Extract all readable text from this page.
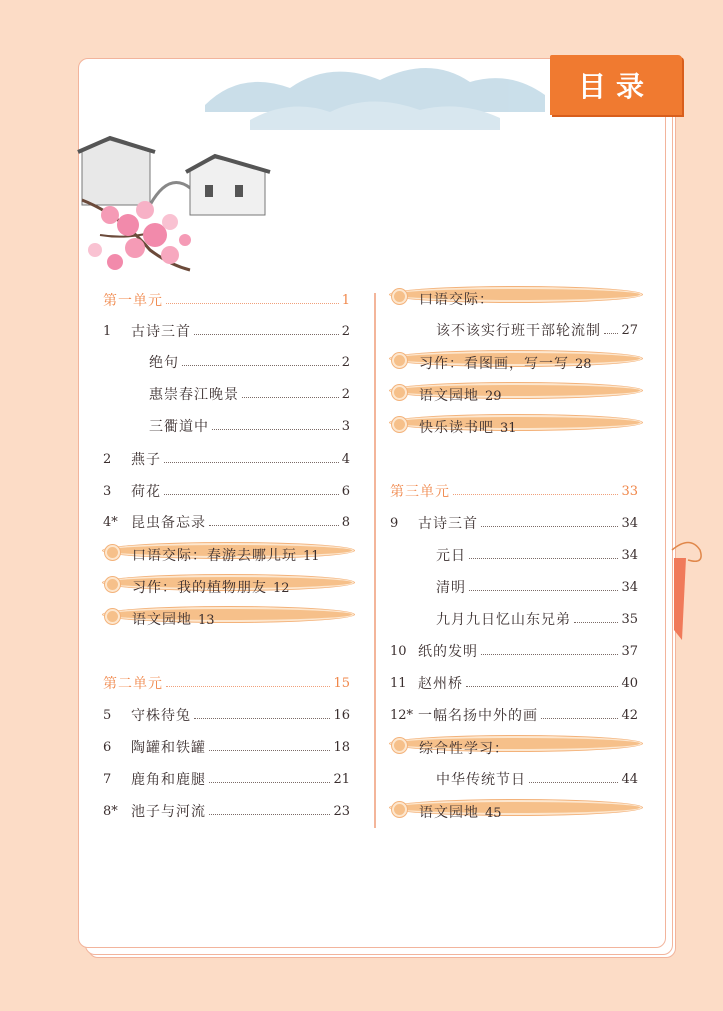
目录
第一单元	1
1	古诗三首	2
绝句	2
惠崇春江晚景	2
三衢道中	3
2	燕子	4
3	荷花	6
4* 昆虫备忘录	8
口语交际：春游去哪儿玩 11
习作：我的植物朋友 12
语文园地 13
第二单元	15
5	守株待兔	16
6	陶罐和铁罐	18
7	鹿角和鹿腿	21
8* 池子与河流	23
口语交际：
该不该实行班干部轮流制 27
习作：看图画，写一写 28
语文园地 29
快乐读书吧 31
第三单元	33
9	古诗三首	34
元日	34
清明	34
九月九日忆山东兄弟	35
10 纸的发明	37
11 赵州桥	40
12* 一幅名扬中外的画	42
综合性学习：
中华传统节日	44
语文园地 45
